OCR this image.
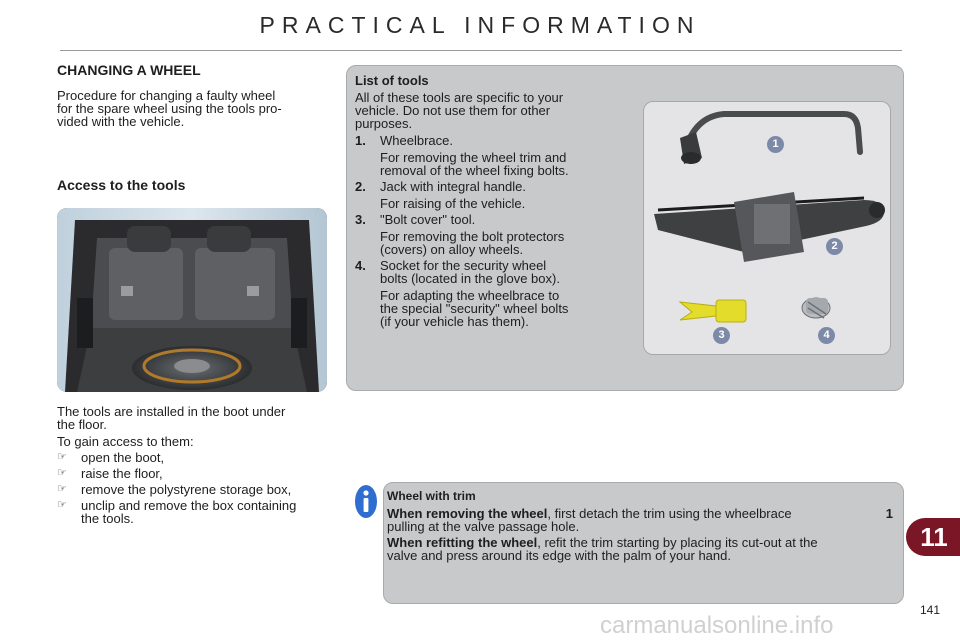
PRACTICAL INFORMATION
CHANGING A WHEEL
Procedure for changing a faulty wheel
for the spare wheel using the tools pro-
vided with the vehicle.
Access to the tools
The tools are installed in the boot under
the floor.
To gain access to them:
☞ open the boot,
☞ raise the floor,
☞ remove the polystyrene storage box,
☞ unclip and remove the box containing
the tools.
List of tools
All of these tools are specific to your
vehicle. Do not use them for other
purposes.
1. Wheelbrace.
For removing the wheel trim and
removal of the wheel fixing bolts.
2. Jack with integral handle.
For raising of the vehicle.
3. "Bolt cover" tool.
For removing the bolt protectors
(covers) on alloy wheels.
4. Socket for the security wheel
bolts (located in the glove box).
For adapting the wheelbrace to
the special "security" wheel bolts
(if your vehicle has them).
1
2
3	4
Wheel with trim
When removing the wheel, first detach the trim using the wheelbrace	1
pulling at the valve passage hole.
When refitting the wheel, refit the trim starting by placing its cut-out at the
valve and press around its edge with the palm of your hand.
11
141
carmanualsonline.info
